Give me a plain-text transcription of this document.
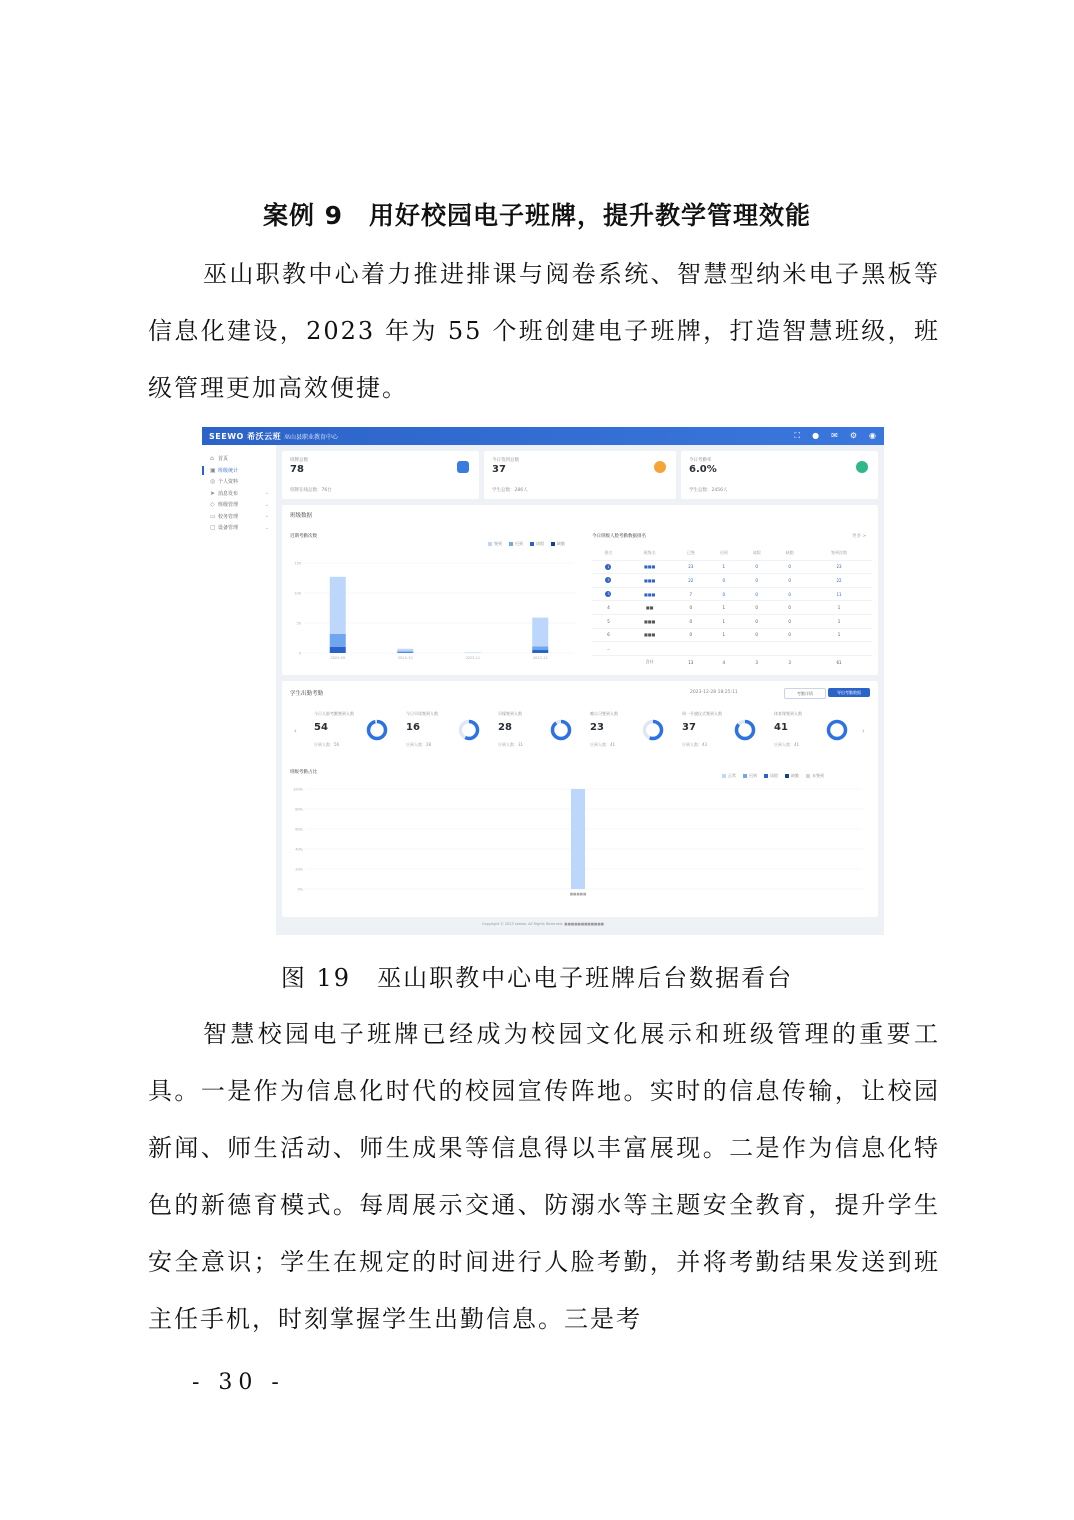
案例 9　用好校园电子班牌，提升教学管理效能

巫山职教中心着力推进排课与阅卷系统、智慧型纳米电子黑板等信息化建设，2023 年为 55 个班创建电子班牌，打造智慧班级，班级管理更加高效便捷。

SEEWO 希沃云班 巫山县职业教育中心	⛶ ● ✉ ⚙ ◉
⌂ 首页
▣ 班级统计
◎ 个人资料
➤ 消息发布	⌄
◇ 班级管理	⌄
▭ 校务管理	⌄
▢ 设备管理	⌄
班牌总数
78
班牌在线总数：76台
今日签到总数
37
学生总数：286人
今日考勤率
6.0%
学生总数：2456人
班级数据
近期考勤次数
签到	迟到	请假	缺勤
0
50
100
150
2023-09	2023-10	2023-11	2023-12
今日班级人脸考勤数据排名	更多 >
排名	班级名	已签	迟到	请假	缺勤	签到次数
1	■■■	23	1	0	0	23
2	■■■	22	0	0	0	22
3	■■■	7	0	0	0	11
4	■■	0	1	0	0	1
5	■■■	0	1	0	0	1
6	■■■	0	1	0	0	1
…						
	合计	13	4	3	3	61
学生出勤考勤	2023-12-28 18:25:11	考勤详情	导出考勤数据
‹	›
今日人脸考勤签到人数
54
应到人数：56
今日早读签到人数
16
应到人数：28
早操签到人数
28
应到人数：31
晚自习签到人数
23
应到人数：41
周一升旗仪式签到人数
37
应到人数：43
体育课签到人数
41
应到人数：41
班级考勤占比
正常	迟到	请假	缺勤	未签到
0%
20%
40%
60%
80%
100%
■■■■■
Copyright © 2023 seewo. All Rights Reserved. ■■■■■■■■■■■■
图 19　巫山职教中心电子班牌后台数据看台

智慧校园电子班牌已经成为校园文化展示和班级管理的重要工具。一是作为信息化时代的校园宣传阵地。实时的信息传输，让校园新闻、师生活动、师生成果等信息得以丰富展现。二是作为信息化特色的新德育模式。每周展示交通、防溺水等主题安全教育，提升学生安全意识；学生在规定的时间进行人脸考勤，并将考勤结果发送到班主任手机，时刻掌握学生出勤信息。三是考

- 30 -
